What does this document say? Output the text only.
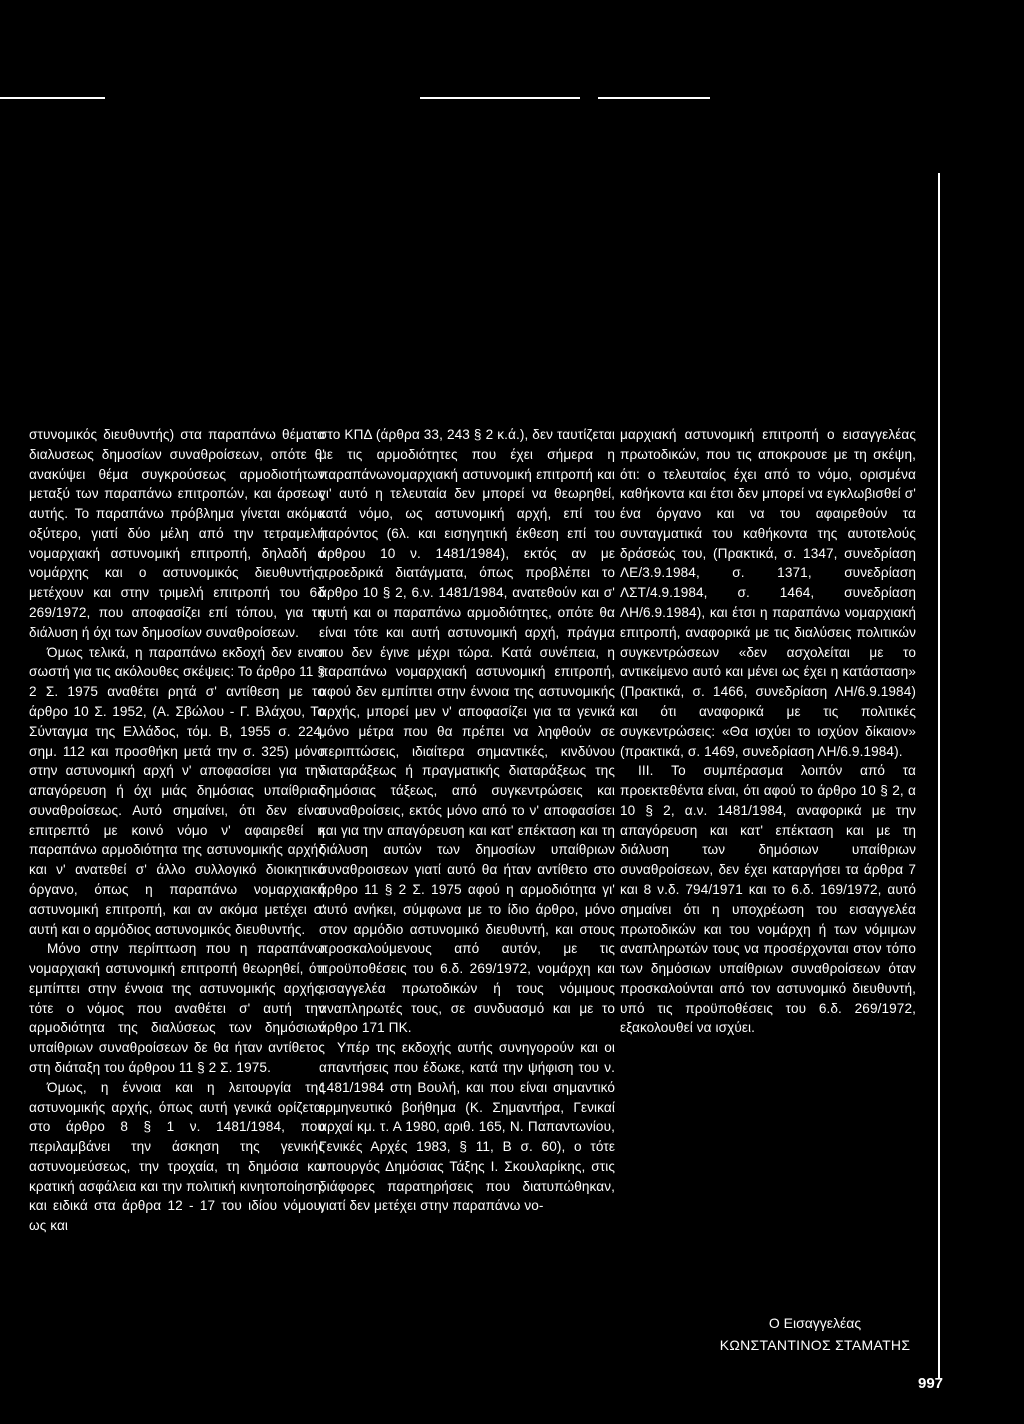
στυνομικός διευθυντής) στα παραπάνω θέματα διαλυσεως δημοσίων συναθροίσεων, οπότε θ' ανακύψει θέμα συγκρούσεως αρμοδιοτήτων μεταξύ των παραπάνω επιτροπών, και άρσεως αυτής. Το παραπάνω πρόβλημα γίνεται ακόμα οξύτερο, γιατί δύο μέλη από την τετραμελή νομαρχιακή αστυνομική επιτροπή, δηλαδή ο νομάρχης και ο αστυνομικός διευθυντής, μετέχουν και στην τριμελή επιτροπή του 6δ 269/1972, που αποφασίζει επί τόπου, για τη διάλυση ή όχι των δημοσίων συναθροίσεων.

Όμως τελικά, η παραπάνω εκδοχή δεν ειναι σωστή για τις ακόλουθες σκέψεις: Το άρθρο 11 § 2 Σ. 1975 αναθέτει ρητά σ' αντίθεση με το άρθρο 10 Σ. 1952, (Α. Σβώλου - Γ. Βλάχου, Το Σύνταγμα της Ελλάδος, τόμ. Β, 1955 σ. 224, σημ. 112 και προσθήκη μετά την σ. 325) μόνο στην αστυνομική αρχή ν' αποφασίσει για την απαγόρευση ή όχι μιάς δημόσιας υπαίθριας συναθροίσεως. Αυτό σημαίνει, ότι δεν είναι επιτρεπτό με κοινό νόμο ν' αφαιρεθεί η παραπάνω αρμοδιότητα της αστυνομικής αρχής και ν' ανατεθεί σ' άλλο συλλογικό διοικητικό όργανο, όπως η παραπάνω νομαρχιακή αστυνομική επιτροπή, και αν ακόμα μετέχει σ' αυτή και ο αρμόδιος αστυνομικός διευθυντής.

Μόνο στην περίπτωση που η παραπάνω νομαρχιακή αστυνομική επιτροπή θεωρηθεί, ότι εμπίπτει στην έννοια της αστυνομικής αρχής, τότε ο νόμος που αναθέτει σ' αυτή την αρμοδιότητα της διαλύσεως των δημόσιων υπαίθριων συναθροίσεων δε θα ήταν αντίθετος στη διάταξη του άρθρου 11 § 2 Σ. 1975.

Όμως, η έννοια και η λειτουργία της αστυνομικής αρχής, όπως αυτή γενικά ορίζεται στο άρθρο 8 § 1 ν. 1481/1984, που περιλαμβάνει την άσκηση της γενικής αστυνομεύσεως, την τροχαία, τη δημόσια και κρατική ασφάλεια και την πολιτική κινητοποίηση, και ειδικά στα άρθρα 12 - 17 του ιδίου νόμου, ως και

στο ΚΠΔ (άρθρα 33, 243 § 2 κ.ά.), δεν ταυτίζεται με τις αρμοδιότητες που έχει σήμερα η παραπάνωνομαρχιακή αστυνομική επιτροπή και γι' αυτό η τελευταία δεν μπορεί να θεωρηθεί, κατά νόμο, ως αστυνομική αρχή, επί του παρόντος (6λ. και εισηγητική έκθεση επί του άρθρου 10 ν. 1481/1984), εκτός αν με προεδρικά διατάγματα, όπως προβλέπει το άρθρο 10 § 2, 6.ν. 1481/1984, ανατεθούν και σ' αυτή και οι παραπάνω αρμοδιότητες, οπότε θα είναι τότε και αυτή αστυνομική αρχή, πράγμα που δεν έγινε μέχρι τώρα. Κατά συνέπεια, η παραπάνω νομαρχιακή αστυνομική επιτροπή, αφού δεν εμπίπτει στην έννοια της αστυνομικής αρχής, μπορεί μεν ν' αποφασίζει για τα γενικά μόνο μέτρα που θα πρέπει να ληφθούν σε περιπτώσεις, ιδιαίτερα σημαντικές, κινδύνου διαταράξεως ή πραγματικής διαταράξεως της δημόσιας τάξεως, από συγκεντρώσεις και συναθροίσεις, εκτός μόνο από το ν' αποφασίσει και για την απαγόρευση και κατ' επέκταση και τη διάλυση αυτών των δημοσίων υπαίθριων συναθροισεων γιατί αυτό θα ήταν αντίθετο στο άρθρο 11 § 2 Σ. 1975 αφού η αρμοδιότητα γι' αυτό ανήκει, σύμφωνα με το ίδιο άρθρο, μόνο στον αρμόδιο αστυνομικό διευθυντή, και στους προσκαλούμενους από αυτόν, με τις προϋποθέσεις του 6.δ. 269/1972, νομάρχη και εισαγγελέα πρωτοδικών ή τους νόμιμους αναπληρωτές τους, σε συνδυασμό και με το άρθρο 171 ΠΚ.

Υπέρ της εκδοχής αυτής συνηγορούν και οι απαντήσεις που έδωκε, κατά την ψήφιση του ν. 1481/1984 στη Βουλή, και που είναι σημαντικό ερμηνευτικό βοήθημα (Κ. Σημαντήρα, Γενικαί αρχαί κμ. τ. Α 1980, αριθ. 165, Ν. Παπαντωνίου, Γενικές Αρχές 1983, § 11, Β σ. 60), ο τότε υπουργός Δημόσιας Τάξης Ι. Σκουλαρίκης, στις διάφορες παρατηρήσεις που διατυπώθηκαν, γιατί δεν μετέχει στην παραπάνω νο-

μαρχιακή αστυνομική επιτροπή ο εισαγγελέας πρωτοδικών, που τις αποκρουσε με τη σκέψη, ότι: ο τελευταίος έχει από το νόμο, ορισμένα καθήκοντα και έτσι δεν μπορεί να εγκλωβισθεί σ' ένα όργανο και να του αφαιρεθούν τα συνταγματικά του καθήκοντα της αυτοτελούς δράσεώς του, (Πρακτικά, σ. 1347, συνεδρίαση ΛΕ/3.9.1984, σ. 1371, συνεδρίαση ΛΣΤ/4.9.1984, σ. 1464, συνεδρίαση ΛΗ/6.9.1984), και έτσι η παραπάνω νομαρχιακή επιτροπή, αναφορικά με τις διαλύσεις πολιτικών συγκεντρώσεων «δεν ασχολείται με το αντικείμενο αυτό και μένει ως έχει η κατάσταση» (Πρακτικά, σ. 1466, συνεδρίαση ΛΗ/6.9.1984) και ότι αναφορικά με τις πολιτικές συγκεντρώσεις: «Θα ισχύει το ισχύον δίκαιον» (πρακτικά, σ. 1469, συνεδρίαση ΛΗ/6.9.1984).

III. Το συμπέρασμα λοιπόν από τα προεκτεθέντα είναι, ότι αφού το άρθρο 10 § 2, α 10 § 2, α.ν. 1481/1984, αναφορικά με την απαγόρευση και κατ' επέκταση και με τη διάλυση των δημόσιων υπαίθριων συναθροίσεων, δεν έχει καταργήσει τα άρθρα 7 και 8 ν.δ. 794/1971 και το 6.δ. 169/1972, αυτό σημαίνει ότι η υποχρέωση του εισαγγελέα πρωτοδικών και του νομάρχη ή των νόμιμων αναπληρωτών τους να προσέρχονται στον τόπο των δημόσιων υπαίθριων συναθροίσεων όταν προσκαλούνται από τον αστυνομικό διευθυντή, υπό τις προϋποθέσεις του 6.δ. 269/1972, εξακολουθεί να ισχύει.

Ο Εισαγγελέας
ΚΩΝΣΤΑΝΤΙΝΟΣ ΣΤΑΜΑΤΗΣ
997
